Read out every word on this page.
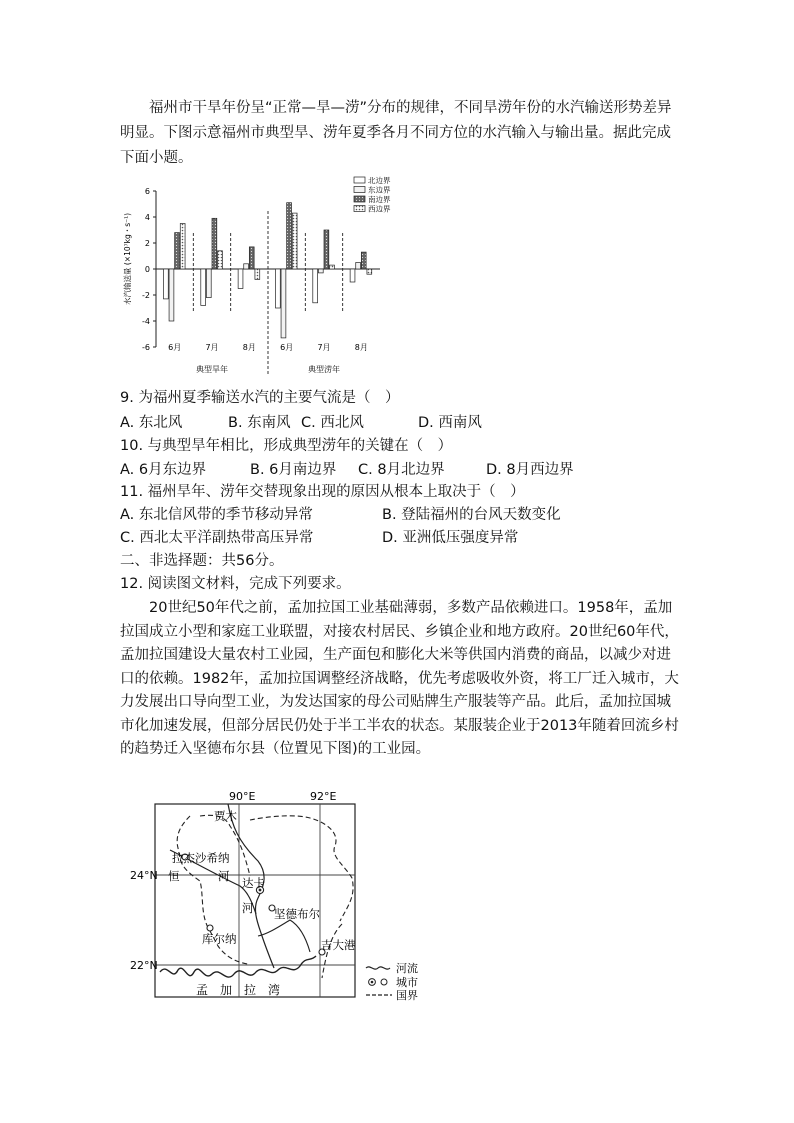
福州市干旱年份呈“正常—旱—涝”分布的规律，不同旱涝年份的水汽输送形势差异明显。下图示意福州市典型旱、涝年夏季各月不同方位的水汽输入与输出量。据此完成下面小题。

6
4
2
0
-2
-4
-6
水汽输送量 (×10⁷kg・s⁻¹)
6月	7月	8月
典型旱年
6月	7月	8月
典型涝年
北边界
东边界
南边界
西边界
9. 为福州夏季输送水汽的主要气流是（　）
A. 东北风	B. 东南风 C. 西北风	D. 西南风
10. 与典型旱年相比，形成典型涝年的关键在（　）
A. 6月东边界	B. 6月南边界 C. 8月北边界	D. 8月西边界
11. 福州旱年、涝年交替现象出现的原因从根本上取决于（　）
A. 东北信风带的季节移动异常	B. 登陆福州的台风天数变化
C. 西北太平洋副热带高压异常	D. 亚洲低压强度异常
二、非选择题：共56分。
12. 阅读图文材料，完成下列要求。

20世纪50年代之前，孟加拉国工业基础薄弱，多数产品依赖进口。1958年，孟加拉国成立小型和家庭工业联盟，对接农村居民、乡镇企业和地方政府。20世纪60年代，孟加拉国建设大量农村工业园，生产面包和膨化大米等供国内消费的商品，以减少对进口的依赖。1982年，孟加拉国调整经济战略，优先考虑吸收外资，将工厂迁入城市，大力发展出口导向型工业，为发达国家的母公司贴牌生产服装等产品。此后，孟加拉国城市化加速发展，但部分居民仍处于半工半农的状态。某服装企业于2013年随着回流乡村的趋势迁入坚德布尔县（位置见下图)的工业园。

90°E	92°E
24°N
22°N
贾木
拉杰沙希纳
恒	河 达卡
河 坚德布尔
库尔纳	吉大港
孟　加　拉　湾
河流
城市
国界
